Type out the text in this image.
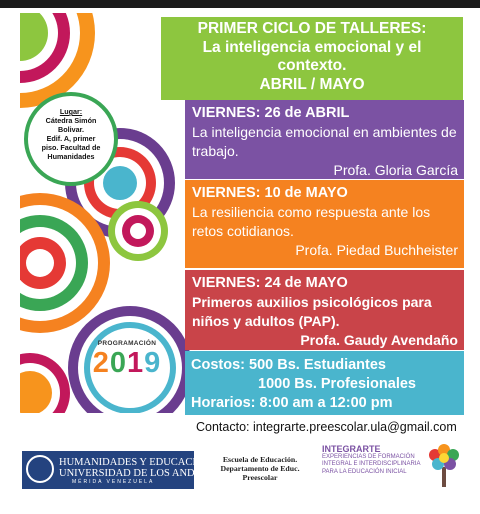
PRIMER CICLO DE TALLERES:
La inteligencia emocional y el
contexto.
ABRIL / MAYO
Lugar:
Cátedra Simón
Bolivar.
Edif. A, primer
piso. Facultad de
Humanidades
VIERNES: 26 de ABRIL
La inteligencia emocional en ambientes de trabajo.
Profa. Gloria García
VIERNES: 10 de MAYO
La resiliencia como respuesta ante los retos cotidianos.
Profa. Piedad Buchheister
VIERNES: 24 de MAYO
Primeros auxilios psicológicos para niños y adultos (PAP).
Profa. Gaudy Avendaño
Costos: 500 Bs. Estudiantes
1000 Bs. Profesionales
Horarios: 8:00 am a 12:00 pm
PROGRAMACIÓN
2019
Contacto: integrarte.preescolar.ula@gmail.com
HUMANIDADES Y EDUCACIÓN
UNIVERSIDAD DE LOS ANDES
MÉRIDA VENEZUELA
Escuela de Educación.
Departamento de Educ.
Preescolar
INTEGRARTE
EXPERIENCIAS DE FORMACIÓN
INTEGRAL E INTERDISCIPLINARIA
PARA LA EDUCACIÓN INICIAL
